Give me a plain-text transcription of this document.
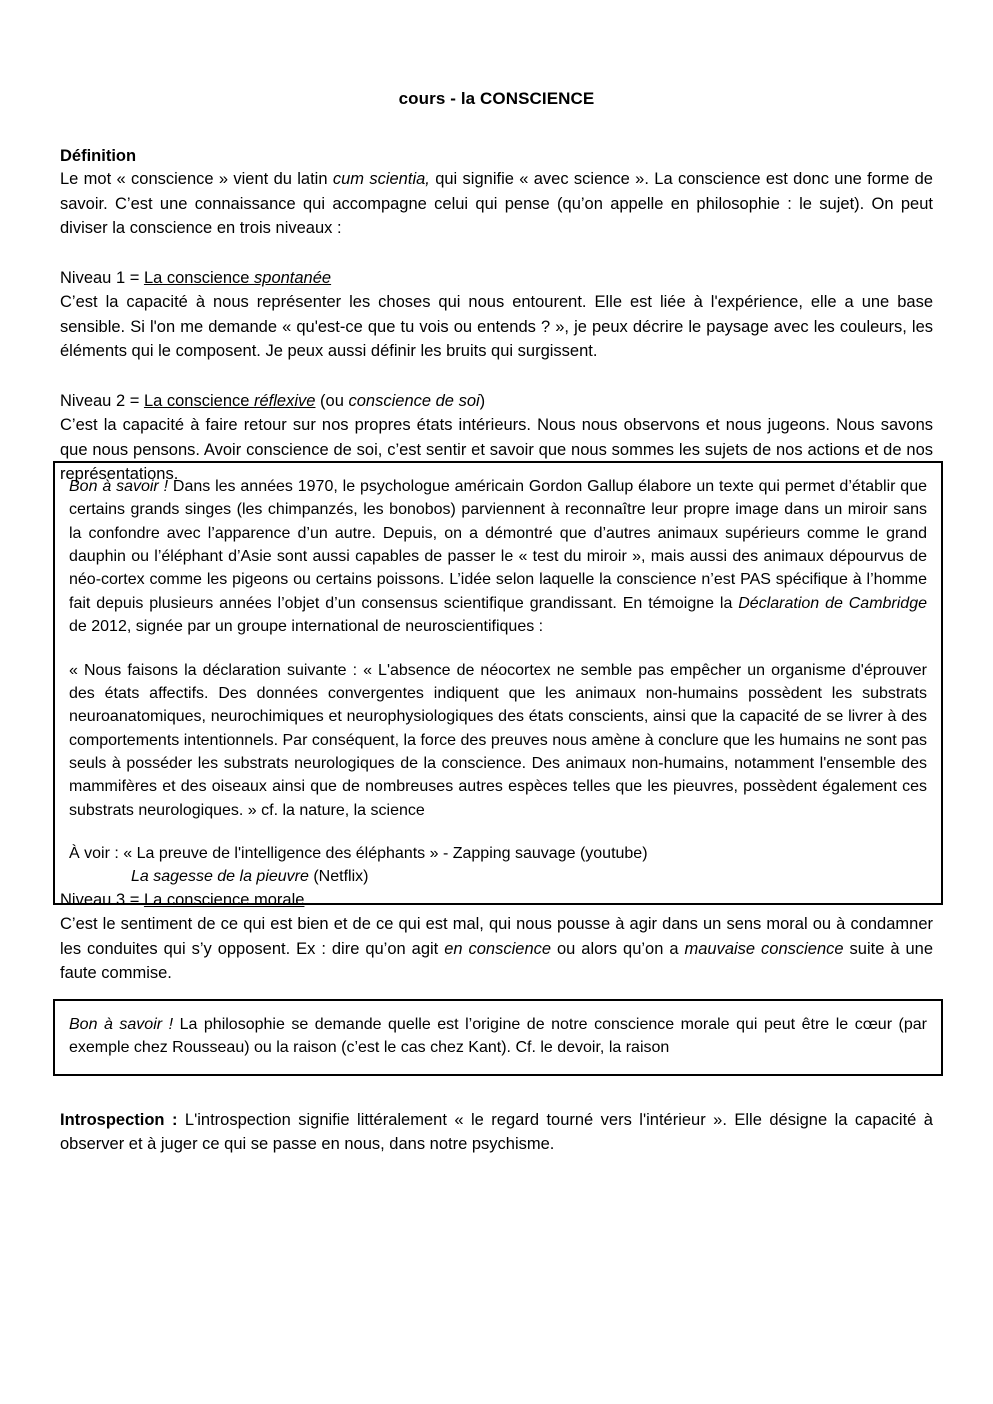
cours - la CONSCIENCE
Définition

Le mot « conscience » vient du latin cum scientia, qui signifie « avec science ». La conscience est donc une forme de savoir. C’est une connaissance qui accompagne celui qui pense (qu’on appelle en philosophie : le sujet). On peut diviser la conscience en trois niveaux :

Niveau 1 = La conscience spontanée

C’est la capacité à nous représenter les choses qui nous entourent. Elle est liée à l'expérience, elle a une base sensible. Si l'on me demande « qu'est-ce que tu vois ou entends ? », je peux décrire le paysage avec les couleurs, les éléments qui le composent. Je peux aussi définir les bruits qui surgissent.

Niveau 2 = La conscience réflexive (ou conscience de soi)

C’est la capacité à faire retour sur nos propres états intérieurs. Nous nous observons et nous jugeons. Nous savons que nous pensons. Avoir conscience de soi, c’est sentir et savoir que nous sommes les sujets de nos actions et de nos représentations.

Bon à savoir ! Dans les années 1970, le psychologue américain Gordon Gallup élabore un texte qui permet d’établir que certains grands singes (les chimpanzés, les bonobos) parviennent à reconnaître leur propre image dans un miroir sans la confondre avec l’apparence d’un autre. Depuis, on a démontré que d’autres animaux supérieurs comme le grand dauphin ou l’éléphant d’Asie sont aussi capables de passer le « test du miroir », mais aussi des animaux dépourvus de néo-cortex comme les pigeons ou certains poissons. L’idée selon laquelle la conscience n’est PAS spécifique à l’homme fait depuis plusieurs années l’objet d’un consensus scientifique grandissant. En témoigne la Déclaration de Cambridge de 2012, signée par un groupe international de neuroscientifiques :

« Nous faisons la déclaration suivante : « L'absence de néocortex ne semble pas empêcher un organisme d'éprouver des états affectifs. Des données convergentes indiquent que les animaux non-humains possèdent les substrats neuroanatomiques, neurochimiques et neurophysiologiques des états conscients, ainsi que la capacité de se livrer à des comportements intentionnels. Par conséquent, la force des preuves nous amène à conclure que les humains ne sont pas seuls à posséder les substrats neurologiques de la conscience. Des animaux non-humains, notamment l'ensemble des mammifères et des oiseaux ainsi que de nombreuses autres espèces telles que les pieuvres, possèdent également ces substrats neurologiques. » cf. la nature, la science

À voir : « La preuve de l'intelligence des éléphants » - Zapping sauvage (youtube)

La sagesse de la pieuvre (Netflix)

Niveau 3 = La conscience morale

C’est le sentiment de ce qui est bien et de ce qui est mal, qui nous pousse à agir dans un sens moral ou à condamner les conduites qui s’y opposent. Ex : dire qu’on agit en conscience ou alors qu’on a mauvaise conscience suite à une faute commise.

Bon à savoir ! La philosophie se demande quelle est l’origine de notre conscience morale qui peut être le cœur (par exemple chez Rousseau) ou la raison (c’est le cas chez Kant). Cf. le devoir, la raison

Introspection : L'introspection signifie littéralement « le regard tourné vers l'intérieur ». Elle désigne la capacité à observer et à juger ce qui se passe en nous, dans notre psychisme.
